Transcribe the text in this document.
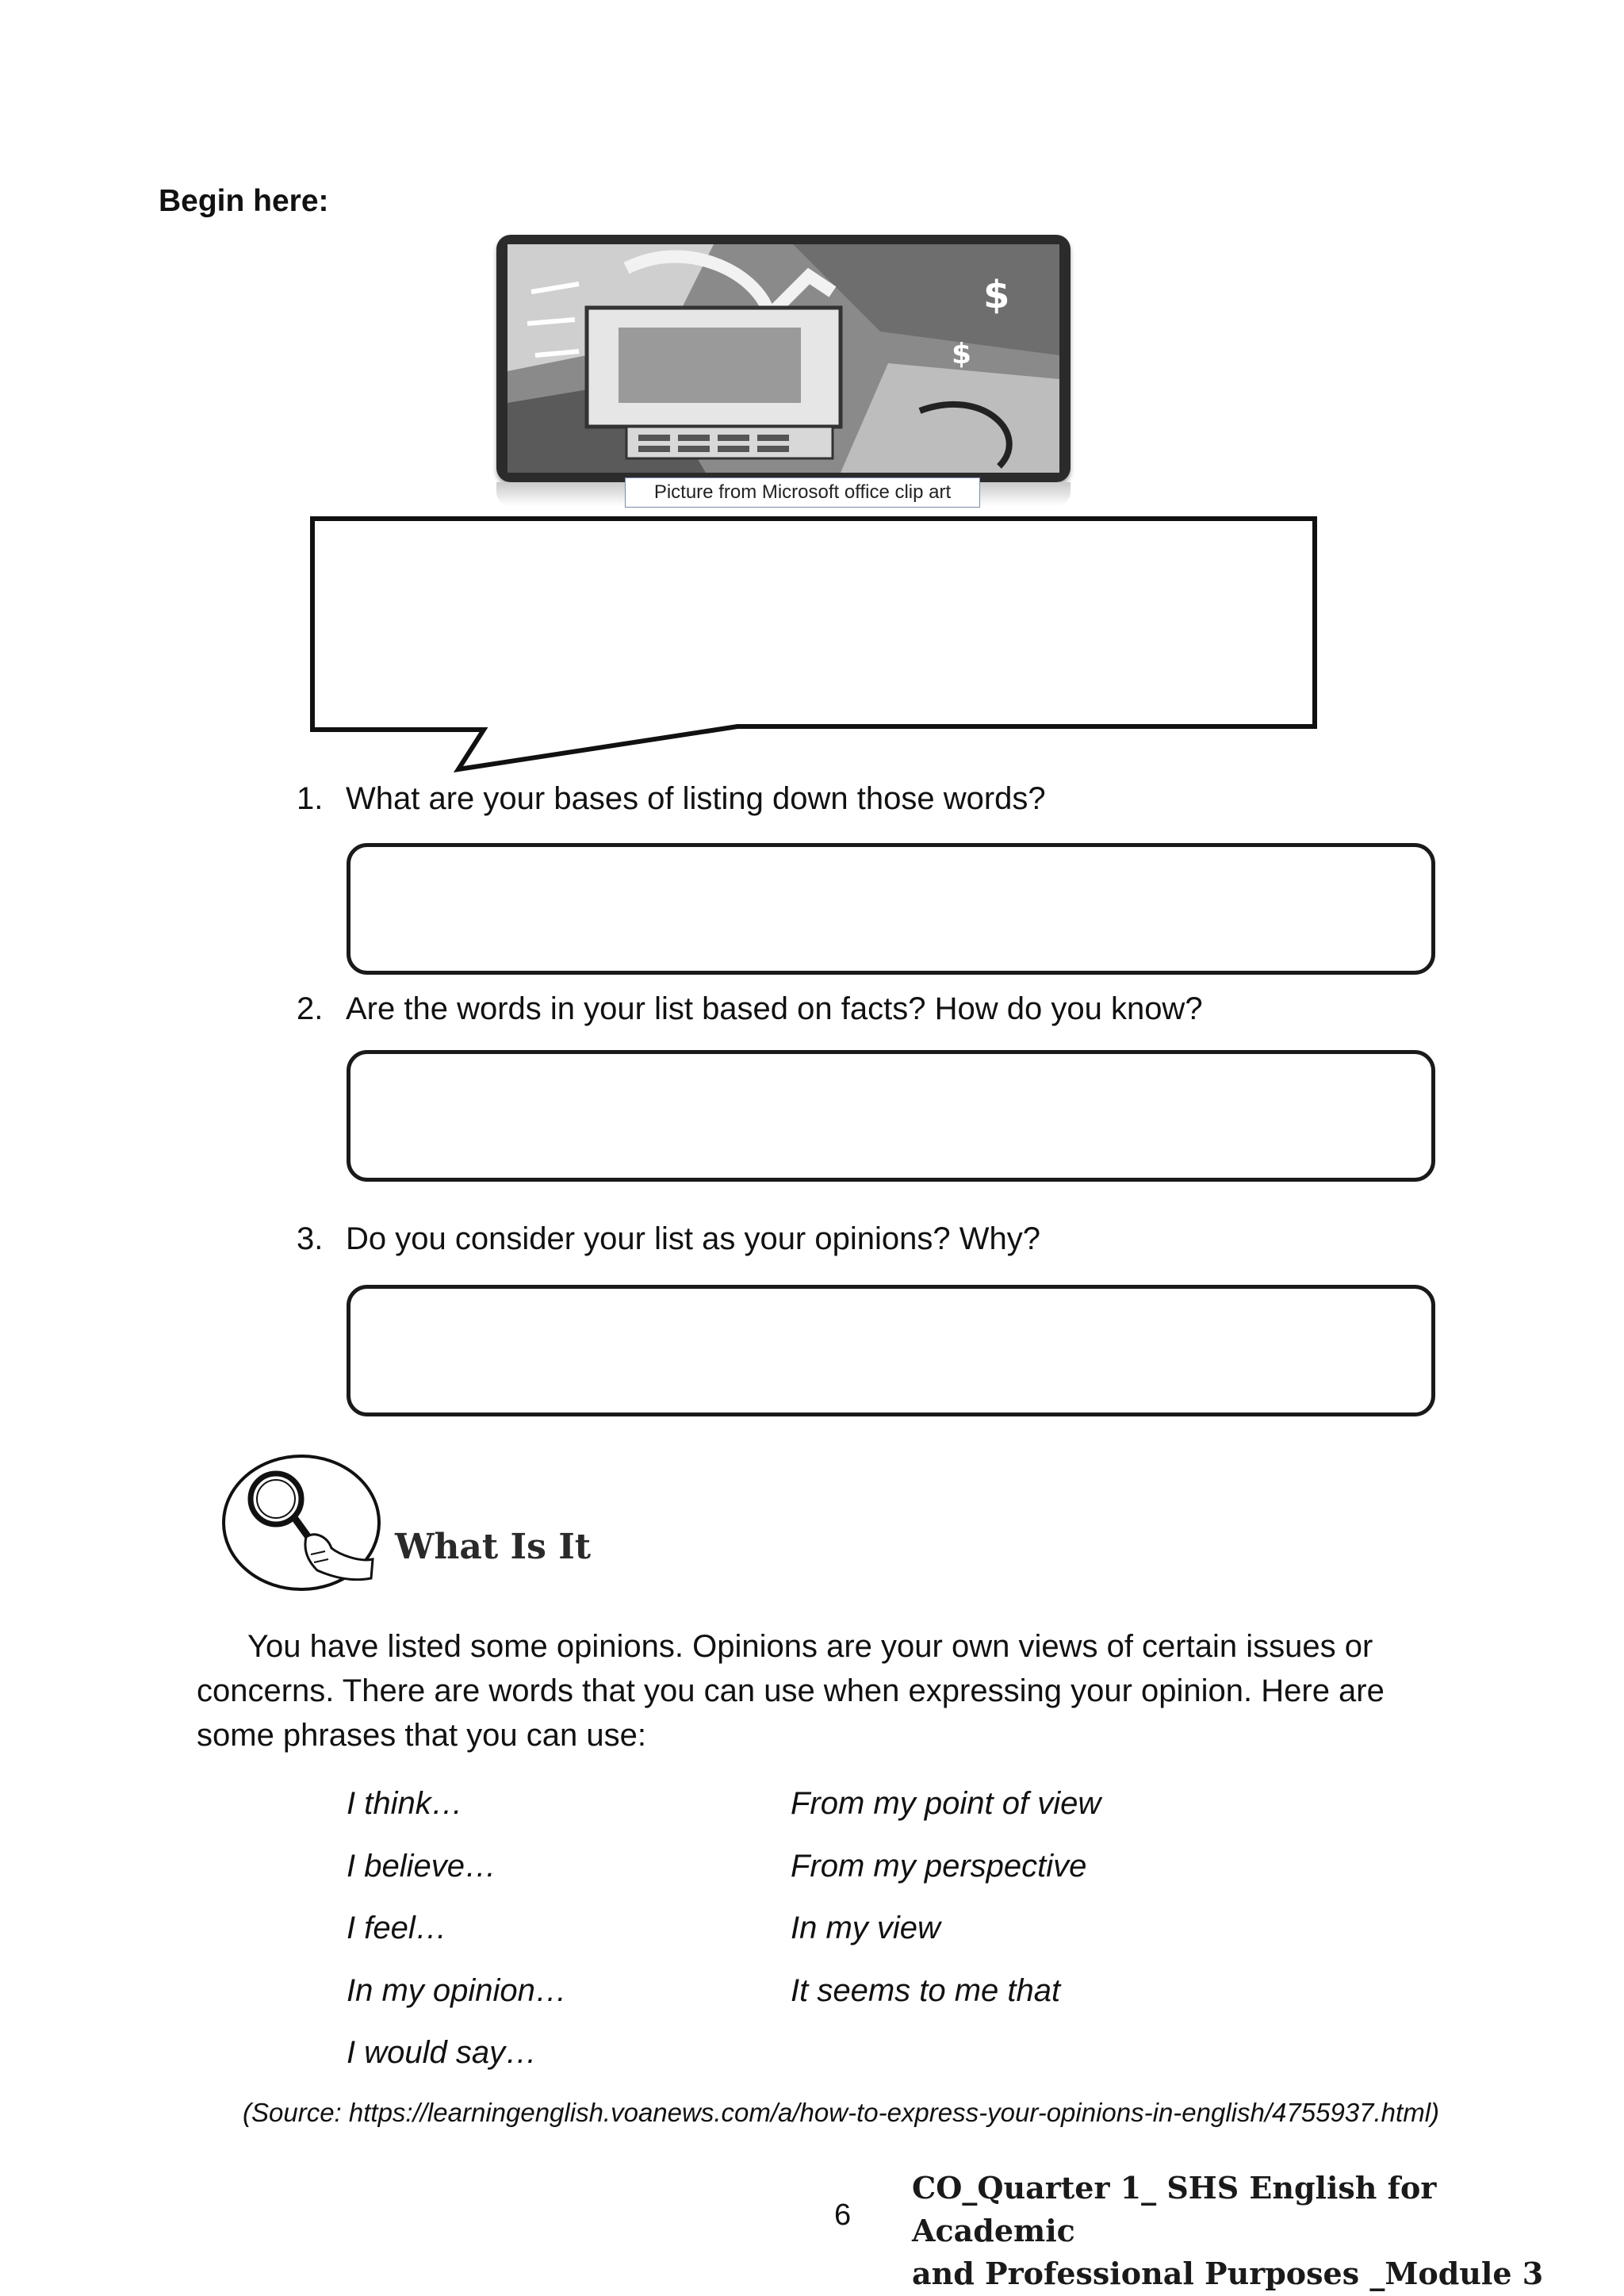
Begin here:
$
$
Picture from Microsoft office clip art
1. What are your bases of listing down those words?
2. Are the words in your list based on facts? How do you know?
3. Do you consider your list as your opinions? Why?
What Is It
You have listed some opinions. Opinions are your own views of certain issues or concerns. There are words that you can use when expressing your opinion. Here are some phrases that you can use:
I think…
I believe…
I feel…
In my opinion…
I would say…
From my point of view
From my perspective
In my view
It seems to me that
(Source: https://learningenglish.voanews.com/a/how-to-express-your-opinions-in-english/4755937.html)
6
CO_Quarter 1_ SHS English for Academic
and Professional Purposes _Module 3
